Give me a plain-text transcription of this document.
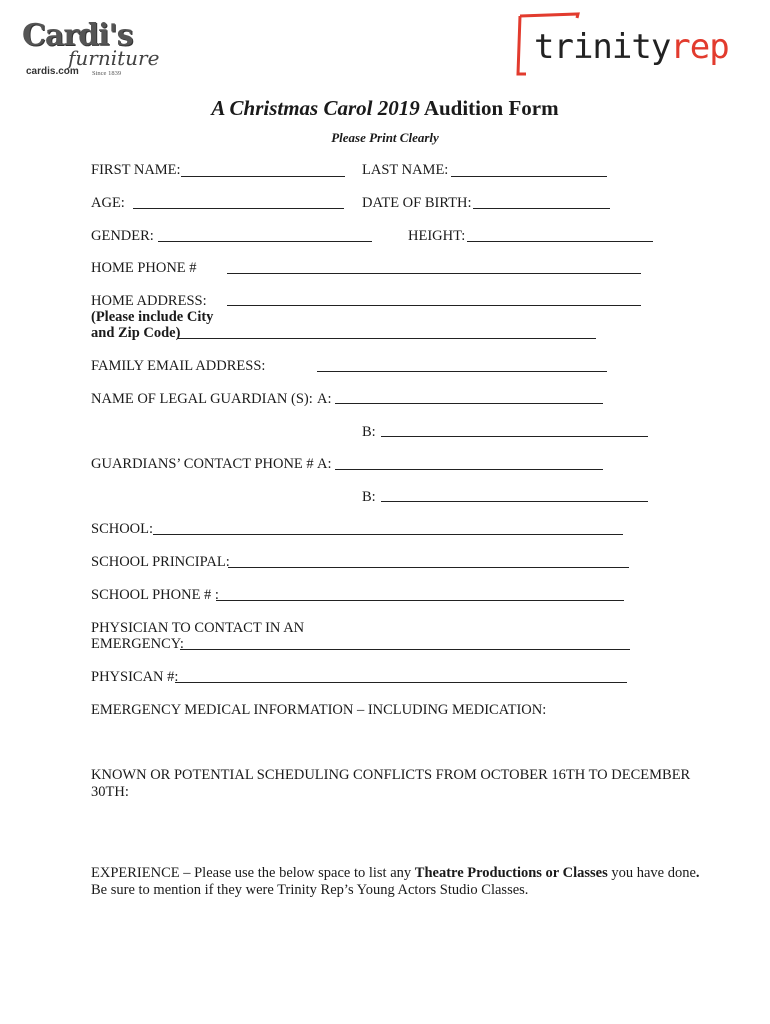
Cardi's
furniture
cardis.com Since 1839
trinityrep
A Christmas Carol 2019 Audition Form
Please Print Clearly
FIRST NAME:	LAST NAME:
AGE:	DATE OF BIRTH:
GENDER:	HEIGHT:
HOME PHONE #
HOME ADDRESS:
(Please include City
and Zip Code)
FAMILY EMAIL ADDRESS:
NAME OF LEGAL GUARDIAN (S): A:
B:
GUARDIANS’ CONTACT PHONE # A:
B:
SCHOOL:
SCHOOL PRINCIPAL:
SCHOOL PHONE # :
PHYSICIAN TO CONTACT IN AN
EMERGENCY:
PHYSICAN #:
EMERGENCY MEDICAL INFORMATION – INCLUDING MEDICATION:
KNOWN OR POTENTIAL SCHEDULING CONFLICTS FROM OCTOBER 16TH TO DECEMBER
30TH:
EXPERIENCE – Please use the below space to list any Theatre Productions or Classes you have done.
Be sure to mention if they were Trinity Rep’s Young Actors Studio Classes.
